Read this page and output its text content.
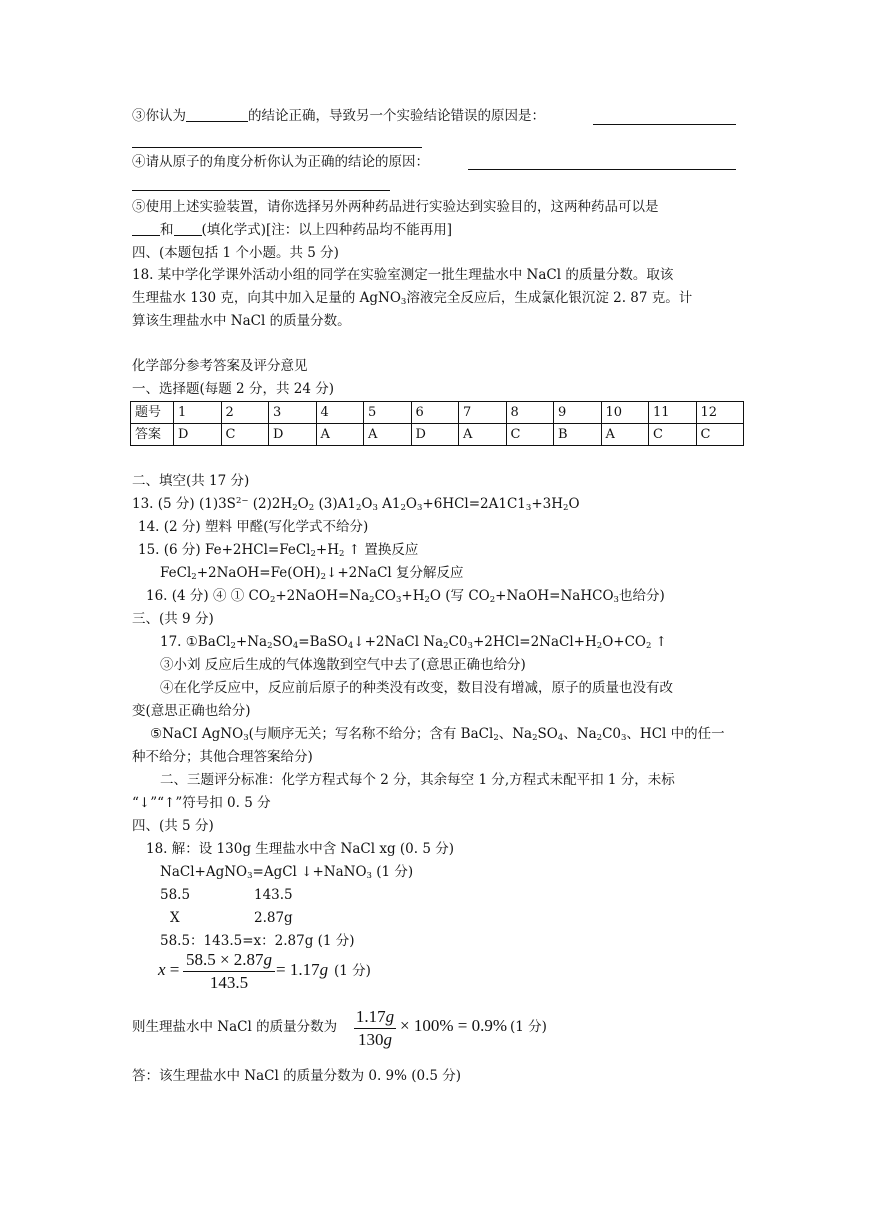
③你认为	的结论正确，导致另一个实验结论错误的原因是：
④请从原子的角度分析你认为正确的结论的原因：
⑤使用上述实验装置，请你选择另外两种药品进行实验达到实验目的，这两种药品可以是
和 (填化学式)[注：以上四种药品均不能再用]
四、(本题包括 1 个小题。共 5 分)
18. 某中学化学课外活动小组的同学在实验室测定一批生理盐水中 NaCl 的质量分数。取该
生理盐水 130 克，向其中加入足量的 AgNO$_3$溶液完全反应后，生成氯化银沉淀 2. 87 克。计
算该生理盐水中 NaCl 的质量分数。
化学部分参考答案及评分意见
一、选择题(每题 2 分，共 24 分)
题号	1	2	3	4	5	6	7	8	9	10	11	12
答案	D	C	D	A	A	D	A	C	B	A	C	C
二、填空(共 17 分)
13. (5 分) $(1)3S^{2-}$ $(2)2H_2O_2$ $(3)A1_2O_3$ $A1_2O_3+6HCl=2A1C1_3+3H_2O$
14. (2 分) 塑料 甲醛(写化学式不给分)
15. (6 分) $Fe+2HCl=FeCl_2+H_2$ ↑ 置换反应
$FeCl_2+2NaOH=Fe(OH)_2↓+2NaCl$ 复分解反应
16. (4 分) ④ ① $CO_2+2NaOH=Na_2CO_3+H_2O$ (写 $CO_2+NaOH=NaHCO_3$也给分)
三、(共 9 分)
17. $①BaCl_2+Na_2SO_4=BaSO_4↓+2NaCl$ $Na_2C0_3+2HCl=2NaCl+H_2O+CO_2$ ↑
③小刘 反应后生成的气体逸散到空气中去了(意思正确也给分)
④在化学反应中，反应前后原子的种类没有改变，数目没有增减，原子的质量也没有改
变(意思正确也给分)
⑤NaCI AgNO$_3$(与顺序无关；写名称不给分；含有 BaCl$_2$、$Na_2SO_4$、$Na_2C0_3$、HCl 中的任一
种不给分；其他合理答案给分)
二、三题评分标准：化学方程式每个 2 分，其余每空 1 分,方程式未配平扣 1 分，未标
“↓”“↑”符号扣 0. 5 分
四、(共 5 分)
18. 解：设 130g 生理盐水中含 NaCl xg (0. 5 分)
NaCl+AgNO$_3$=AgCl ↓+NaNO$_3$ (1 分)
58.5	143.5
X	2.87g
58.5：143.5=x：2.87g (1 分)
x =
58.5 × 2.87g
143.5
= 1.17g (1 分)
则生理盐水中 NaCl 的质量分数为
1.17g
130g
× 100% = 0.9% (1 分)
答：该生理盐水中 NaCl 的质量分数为 0. 9% (0.5 分)
